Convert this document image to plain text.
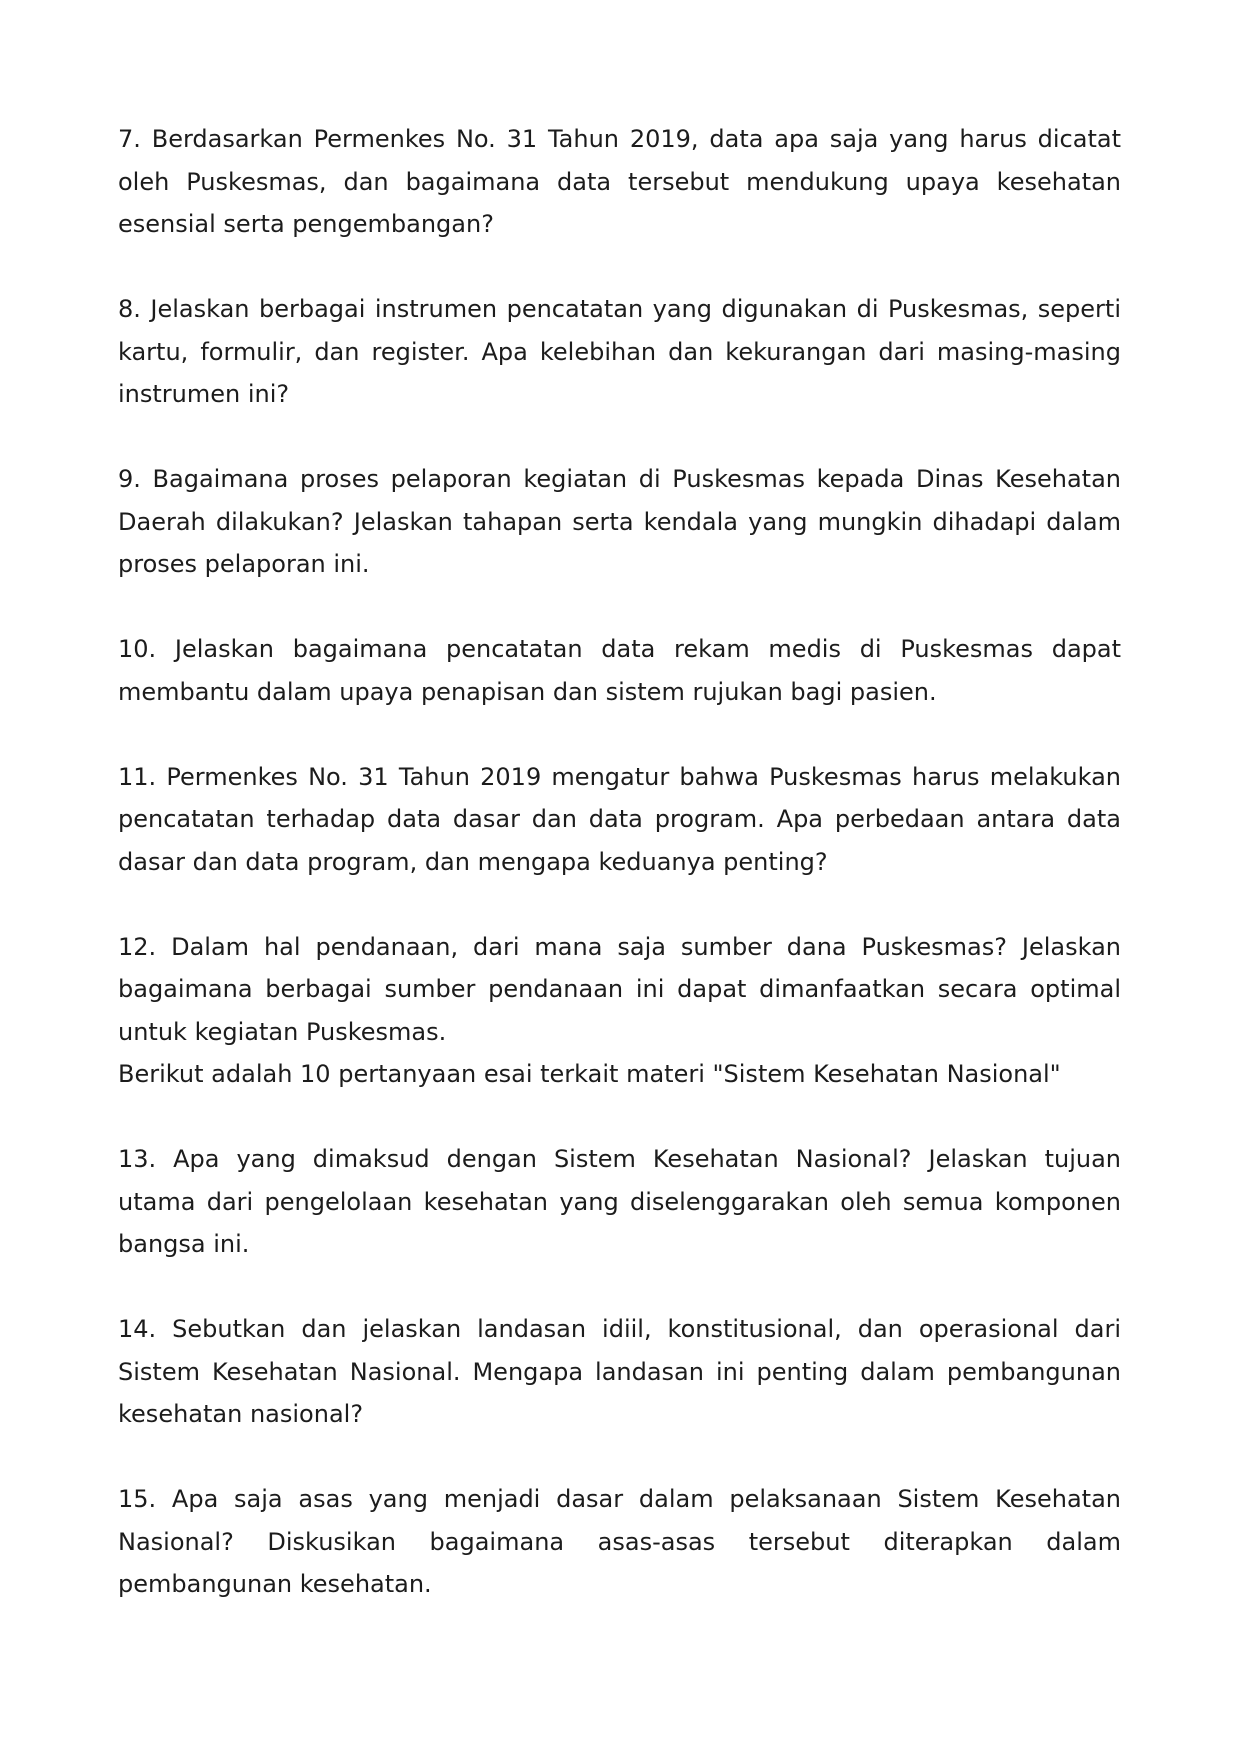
7. Berdasarkan Permenkes No. 31 Tahun 2019, data apa saja yang harus dicatat oleh Puskesmas, dan bagaimana data tersebut mendukung upaya kesehatan esensial serta pengembangan?

8. Jelaskan berbagai instrumen pencatatan yang digunakan di Puskesmas, seperti kartu, formulir, dan register. Apa kelebihan dan kekurangan dari masing-masing instrumen ini?

9. Bagaimana proses pelaporan kegiatan di Puskesmas kepada Dinas Kesehatan Daerah dilakukan? Jelaskan tahapan serta kendala yang mungkin dihadapi dalam proses pelaporan ini.

10. Jelaskan bagaimana pencatatan data rekam medis di Puskesmas dapat membantu dalam upaya penapisan dan sistem rujukan bagi pasien.

11. Permenkes No. 31 Tahun 2019 mengatur bahwa Puskesmas harus melakukan pencatatan terhadap data dasar dan data program. Apa perbedaan antara data dasar dan data program, dan mengapa keduanya penting?

12. Dalam hal pendanaan, dari mana saja sumber dana Puskesmas? Jelaskan bagaimana berbagai sumber pendanaan ini dapat dimanfaatkan secara optimal untuk kegiatan Puskesmas.

Berikut adalah 10 pertanyaan esai terkait materi "Sistem Kesehatan Nasional"

13. Apa yang dimaksud dengan Sistem Kesehatan Nasional? Jelaskan tujuan utama dari pengelolaan kesehatan yang diselenggarakan oleh semua komponen bangsa ini.

14. Sebutkan dan jelaskan landasan idiil, konstitusional, dan operasional dari Sistem Kesehatan Nasional. Mengapa landasan ini penting dalam pembangunan kesehatan nasional?

15. Apa saja asas yang menjadi dasar dalam pelaksanaan Sistem Kesehatan Nasional? Diskusikan bagaimana asas-asas tersebut diterapkan dalam pembangunan kesehatan.
